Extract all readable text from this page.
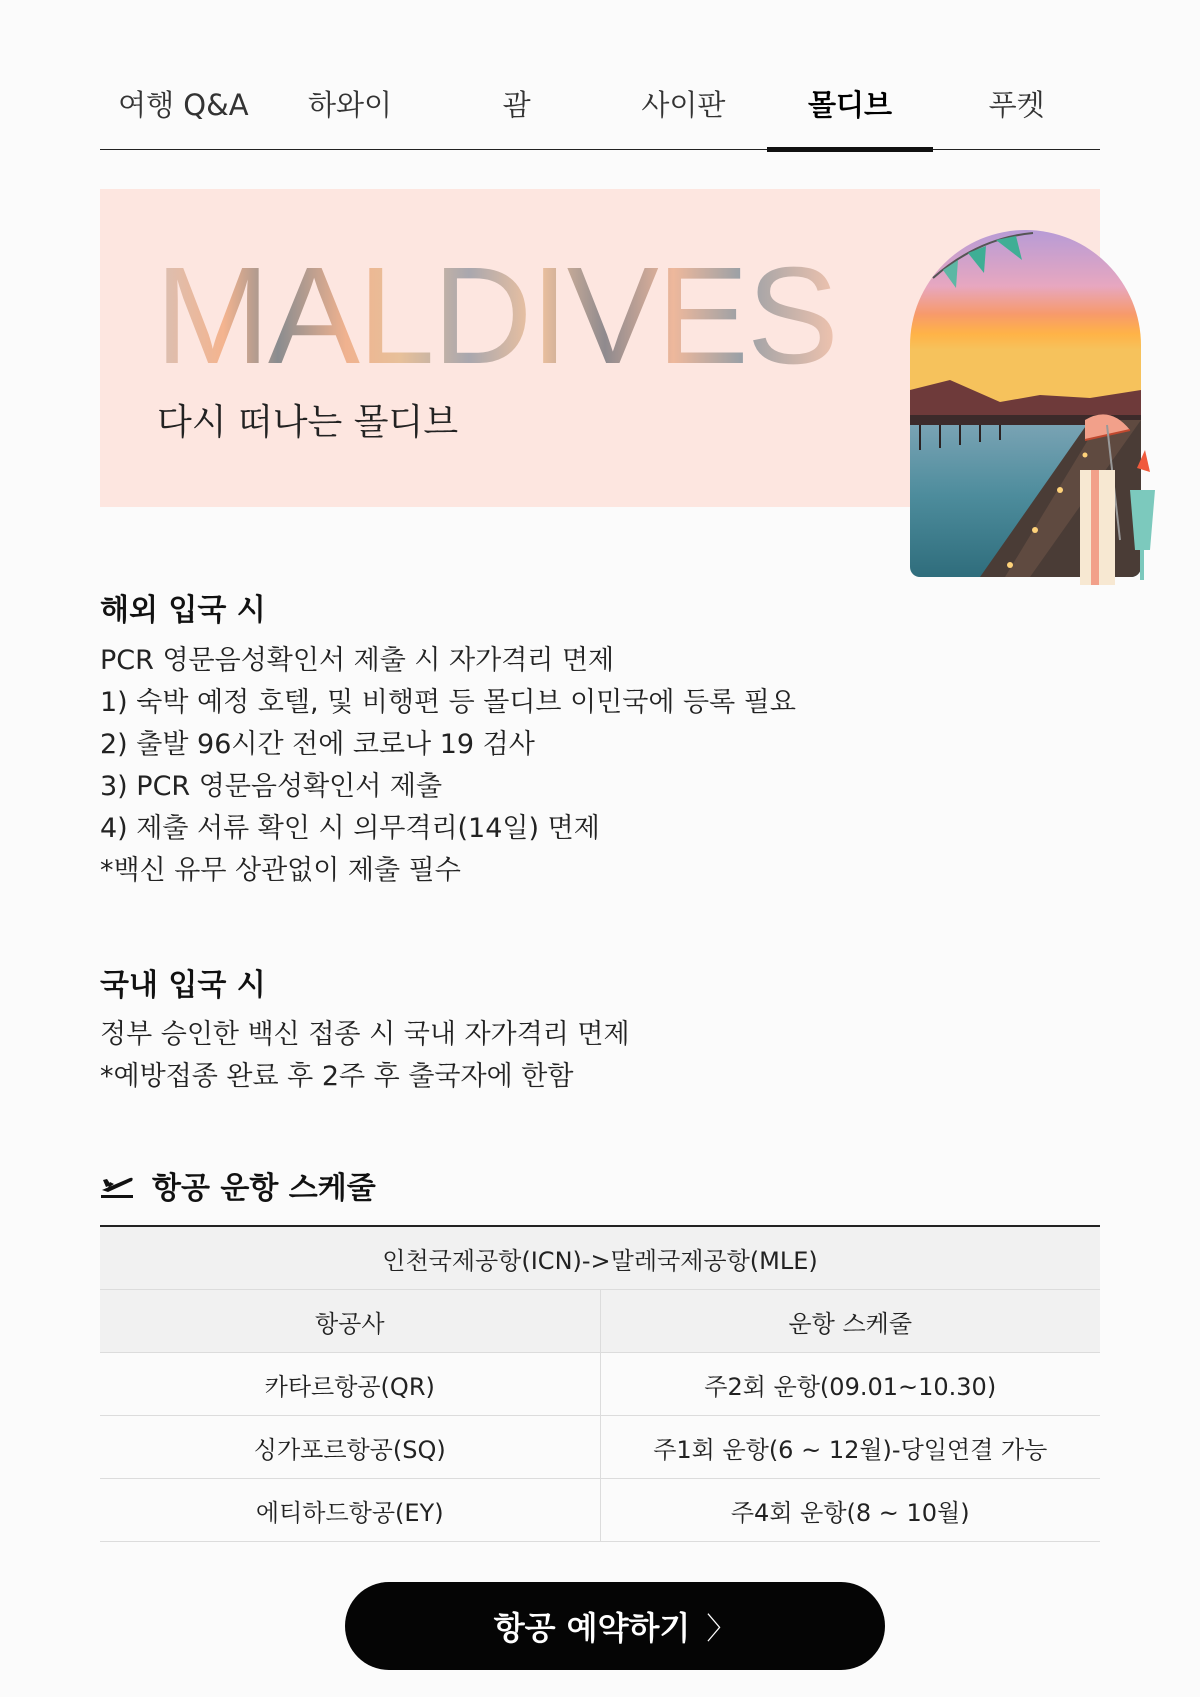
여행 Q&A	하와이	괌	사이판	몰디브	푸켓
MALDIVES
다시 떠나는 몰디브
해외 입국 시
PCR 영문음성확인서 제출 시 자가격리 면제
1) 숙박 예정 호텔, 및 비행편 등 몰디브 이민국에 등록 필요
2) 출발 96시간 전에 코로나 19 검사
3) PCR 영문음성확인서 제출
4) 제출 서류 확인 시 의무격리(14일) 면제
*백신 유무 상관없이 제출 필수
국내 입국 시
정부 승인한 백신 접종 시 국내 자가격리 면제
*예방접종 완료 후 2주 후 출국자에 한함
항공 운항 스케줄
인천국제공항(ICN)->말레국제공항(MLE)
항공사	운항 스케줄
카타르항공(QR)	주2회 운항(09.01~10.30)
싱가포르항공(SQ)	주1회 운항(6 ~ 12월)-당일연결 가능
에티하드항공(EY)	주4회 운항(8 ~ 10월)
항공 예약하기 〉
